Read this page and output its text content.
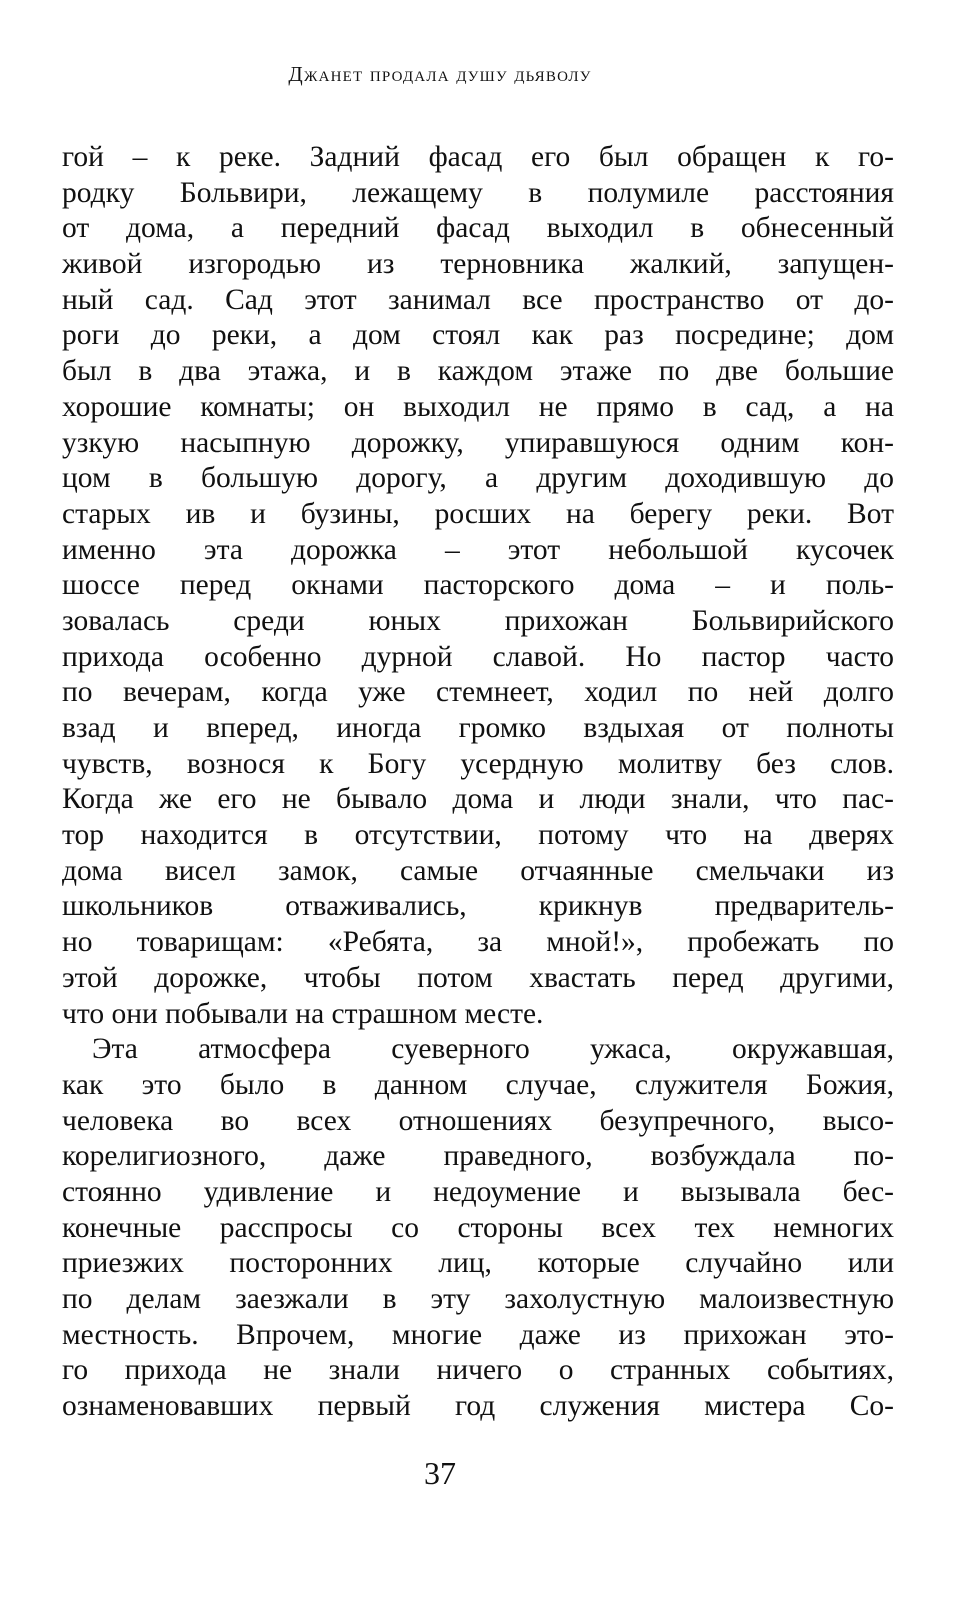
Джанет продала душу дьяволу
гой – к реке. Задний фасад его был обращен к го-
родку Больвири, лежащему в полумиле расстояния
от дома, а передний фасад выходил в обнесенный
живой изгородью из терновника жалкий, запущен-
ный сад. Сад этот занимал все пространство от до-
роги до реки, а дом стоял как раз посредине; дом
был в два этажа, и в каждом этаже по две большие
хорошие комнаты; он выходил не прямо в сад, а на
узкую насыпную дорожку, упиравшуюся одним кон-
цом в большую дорогу, а другим доходившую до
старых ив и бузины, росших на берегу реки. Вот
именно эта дорожка – этот небольшой кусочек
шоссе перед окнами пасторского дома – и поль-
зовалась среди юных прихожан Больвирийского
прихода особенно дурной славой. Но пастор часто
по вечерам, когда уже стемнеет, ходил по ней долго
взад и вперед, иногда громко вздыхая от полноты
чувств, вознося к Богу усердную молитву без слов.
Когда же его не бывало дома и люди знали, что пас-
тор находится в отсутствии, потому что на дверях
дома висел замок, самые отчаянные смельчаки из
школьников отваживались, крикнув предваритель-
но товарищам: «Ребята, за мной!», пробежать по
этой дорожке, чтобы потом хвастать перед другими,
что они побывали на страшном месте.
Эта атмосфера суеверного ужаса, окружавшая,
как это было в данном случае, служителя Божия,
человека во всех отношениях безупречного, высо-
корелигиозного, даже праведного, возбуждала по-
стоянно удивление и недоумение и вызывала бес-
конечные расспросы со стороны всех тех немногих
приезжих посторонних лиц, которые случайно или
по делам заезжали в эту захолустную малоизвестную
местность. Впрочем, многие даже из прихожан это-
го прихода не знали ничего о странных событиях,
ознаменовавших первый год служения мистера Со-
37
